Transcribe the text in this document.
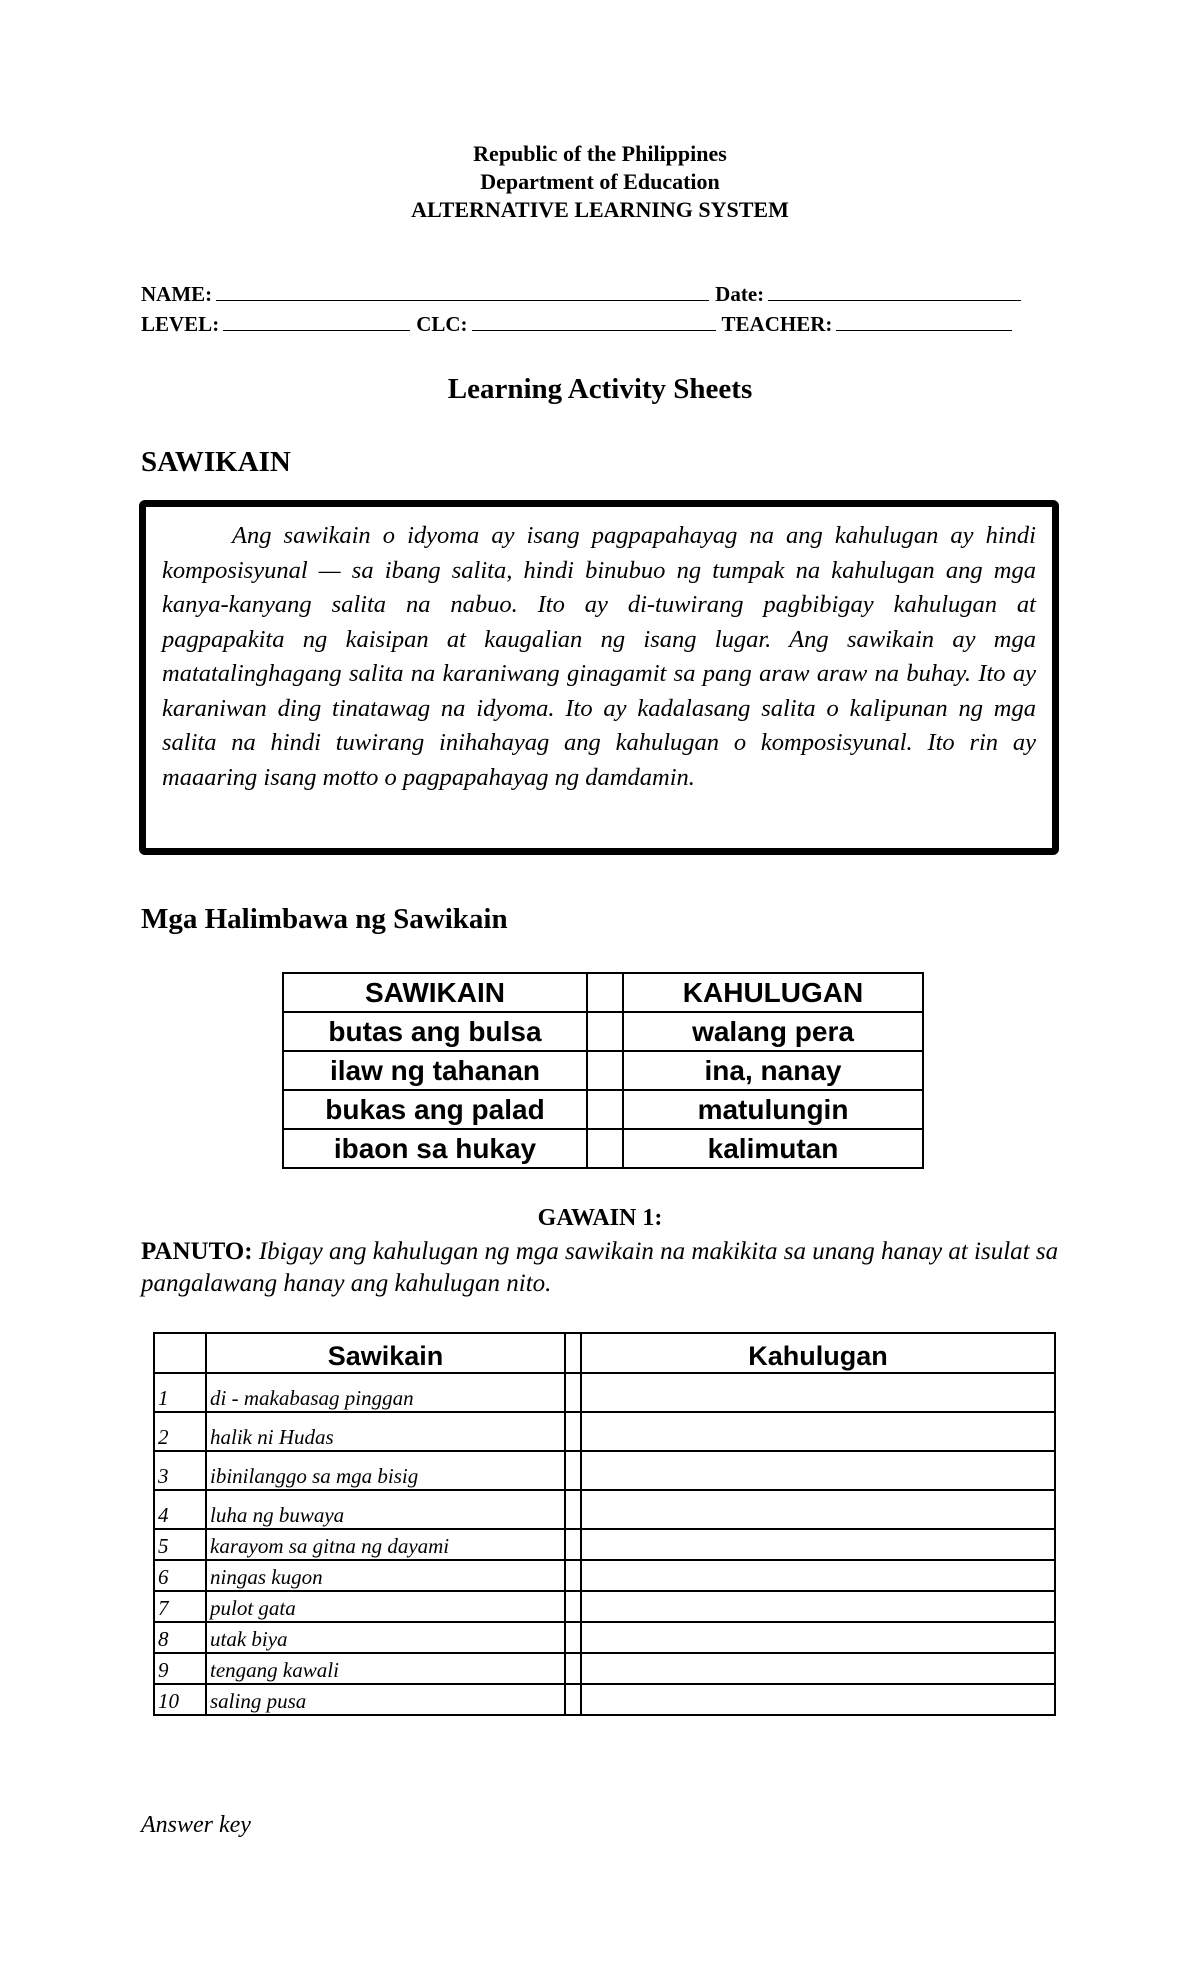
Republic of the Philippines
Department of Education
ALTERNATIVE LEARNING SYSTEM
NAME:	Date:
LEVEL:	CLC:	TEACHER:
Learning Activity Sheets
SAWIKAIN

Ang sawikain o idyoma ay isang pagpapahayag na ang kahulugan ay hindi komposisyunal — sa ibang salita, hindi binubuo ng tumpak na kahulugan ang mga kanya-kanyang salita na nabuo. Ito ay di-tuwirang pagbibigay kahulugan at pagpapakita ng kaisipan at kaugalian ng isang lugar. Ang sawikain ay mga matatalinghagang salita na karaniwang ginagamit sa pang araw araw na buhay. Ito ay karaniwan ding tinatawag na idyoma. Ito ay kadalasang salita o kalipunan ng mga salita na hindi tuwirang inihahayag ang kahulugan o komposisyunal. Ito rin ay maaaring isang motto o pagpapahayag ng damdamin.

Mga Halimbawa ng Sawikain
SAWIKAIN		KAHULUGAN
butas ang bulsa		walang pera
ilaw ng tahanan		ina, nanay
bukas ang palad		matulungin
ibaon sa hukay		kalimutan
GAWAIN 1:
PANUTO: Ibigay ang kahulugan ng mga sawikain na makikita sa unang hanay at isulat sa pangalawang hanay ang kahulugan nito.
	Sawikain		Kahulugan
1	di - makabasag pinggan		
2	halik ni Hudas		
3	ibinilanggo sa mga bisig		
4	luha ng buwaya		
5	karayom sa gitna ng dayami		
6	ningas kugon		
7	pulot gata		
8	utak biya		
9	tengang kawali		
10	saling pusa		
Answer key
